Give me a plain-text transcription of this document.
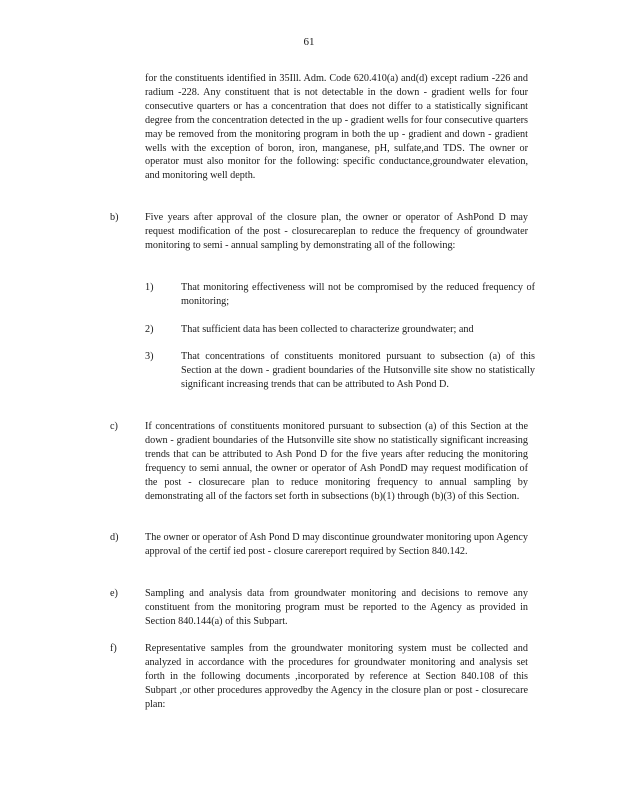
61
for the constituents identified in 35Ill. Adm. Code 620.410(a) and(d) except radium -226 and radium -228. Any constituent that is not detectable in the down - gradient wells for four consecutive quarters or has a concentration that does not differ to a statistically significant degree from the concentration detected in the up - gradient wells for four consecutive quarters may be removed from the monitoring program in both the up - gradient and down - gradient wells with the exception of boron, iron, manganese, pH, sulfate,and TDS. The owner or operator must also monitor for the following: specific conductance,groundwater elevation, and monitoring well depth.
b)	Five years after approval of the closure plan, the owner or operator of AshPond D may request modification of the post - closurecareplan to reduce the frequency of groundwater monitoring to semi - annual sampling by demonstrating all of the following:
1)	That monitoring effectiveness will not be compromised by the reduced frequency of monitoring;
2)	That sufficient data has been collected to characterize groundwater; and
3)	That concentrations of constituents monitored pursuant to subsection (a) of this Section at the down - gradient boundaries of the Hutsonville site show no statistically significant increasing trends that can be attributed to Ash Pond D.
c)	If concentrations of constituents monitored pursuant to subsection (a) of this Section at the down - gradient boundaries of the Hutsonville site show no statistically significant increasing trends that can be attributed to Ash Pond D for the five years after reducing the monitoring frequency to semi annual, the owner or operator of Ash PondD may request modification of the post - closurecare plan to reduce monitoring frequency to annual sampling by demonstrating all of the factors set forth in subsections (b)(1) through (b)(3) of this Section.
d)	The owner or operator of Ash Pond D may discontinue groundwater monitoring upon Agency approval of the certif ied post - closure carereport required by Section 840.142.
e)	Sampling and analysis data from groundwater monitoring and decisions to remove any constituent from the monitoring program must be reported to the Agency as provided in Section 840.144(a) of this Subpart.
f)	Representative samples from the groundwater monitoring system must be collected and analyzed in accordance with the procedures for groundwater monitoring and analysis set forth in the following documents ,incorporated by reference at Section 840.108 of this Subpart ,or other procedures approvedby the Agency in the closure plan or post - closurecare plan:
